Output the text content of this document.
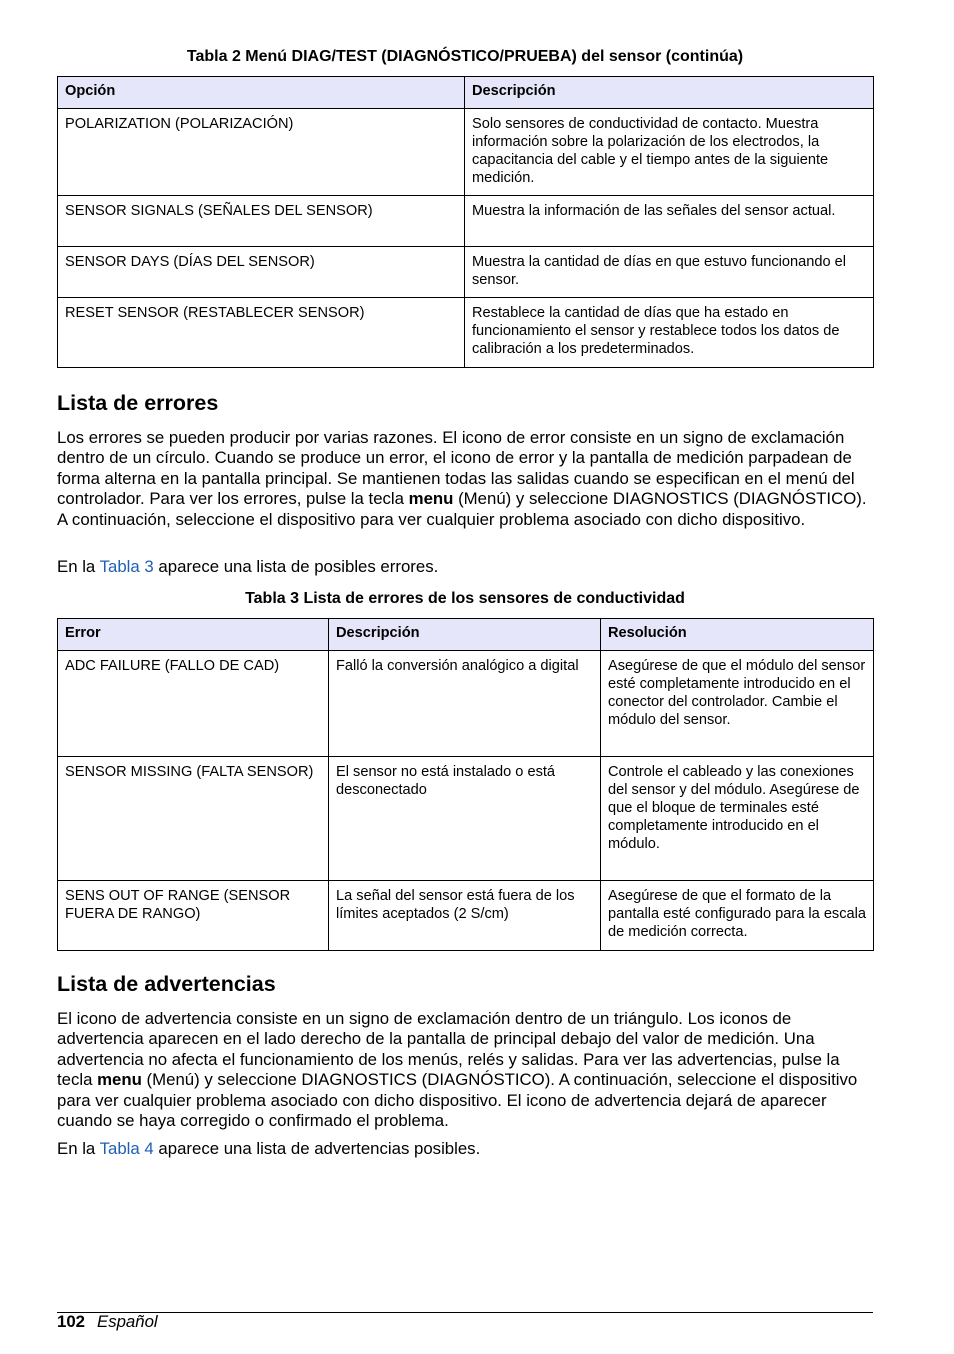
Tabla 2 Menú DIAG/TEST (DIAGNÓSTICO/PRUEBA) del sensor (continúa)
Opción	Descripción
POLARIZATION (POLARIZACIÓN)	Solo sensores de conductividad de contacto. Muestra información sobre la polarización de los electrodos, la capacitancia del cable y el tiempo antes de la siguiente medición.
SENSOR SIGNALS (SEÑALES DEL SENSOR)	Muestra la información de las señales del sensor actual.
SENSOR DAYS (DÍAS DEL SENSOR)	Muestra la cantidad de días en que estuvo funcionando el sensor.
RESET SENSOR (RESTABLECER SENSOR)	Restablece la cantidad de días que ha estado en funcionamiento el sensor y restablece todos los datos de calibración a los predeterminados.
Lista de errores

Los errores se pueden producir por varias razones. El icono de error consiste en un signo de exclamación dentro de un círculo. Cuando se produce un error, el icono de error y la pantalla de medición parpadean de forma alterna en la pantalla principal. Se mantienen todas las salidas cuando se especifican en el menú del controlador. Para ver los errores, pulse la tecla menu (Menú) y seleccione DIAGNOSTICS (DIAGNÓSTICO). A continuación, seleccione el dispositivo para ver cualquier problema asociado con dicho dispositivo.

En la Tabla 3 aparece una lista de posibles errores.

Tabla 3 Lista de errores de los sensores de conductividad
Error	Descripción	Resolución
ADC FAILURE (FALLO DE CAD)	Falló la conversión analógico a digital	Asegúrese de que el módulo del sensor esté completamente introducido en el conector del controlador. Cambie el módulo del sensor.
SENSOR MISSING (FALTA SENSOR)	El sensor no está instalado o está desconectado	Controle el cableado y las conexiones del sensor y del módulo. Asegúrese de que el bloque de terminales esté completamente introducido en el módulo.
SENS OUT OF RANGE (SENSOR FUERA DE RANGO)	La señal del sensor está fuera de los límites aceptados (2 S/cm)	Asegúrese de que el formato de la pantalla esté configurado para la escala de medición correcta.
Lista de advertencias

El icono de advertencia consiste en un signo de exclamación dentro de un triángulo. Los iconos de advertencia aparecen en el lado derecho de la pantalla de principal debajo del valor de medición. Una advertencia no afecta el funcionamiento de los menús, relés y salidas. Para ver las advertencias, pulse la tecla menu (Menú) y seleccione DIAGNOSTICS (DIAGNÓSTICO). A continuación, seleccione el dispositivo para ver cualquier problema asociado con dicho dispositivo. El icono de advertencia dejará de aparecer cuando se haya corregido o confirmado el problema.

En la Tabla 4 aparece una lista de advertencias posibles.

102 Español
